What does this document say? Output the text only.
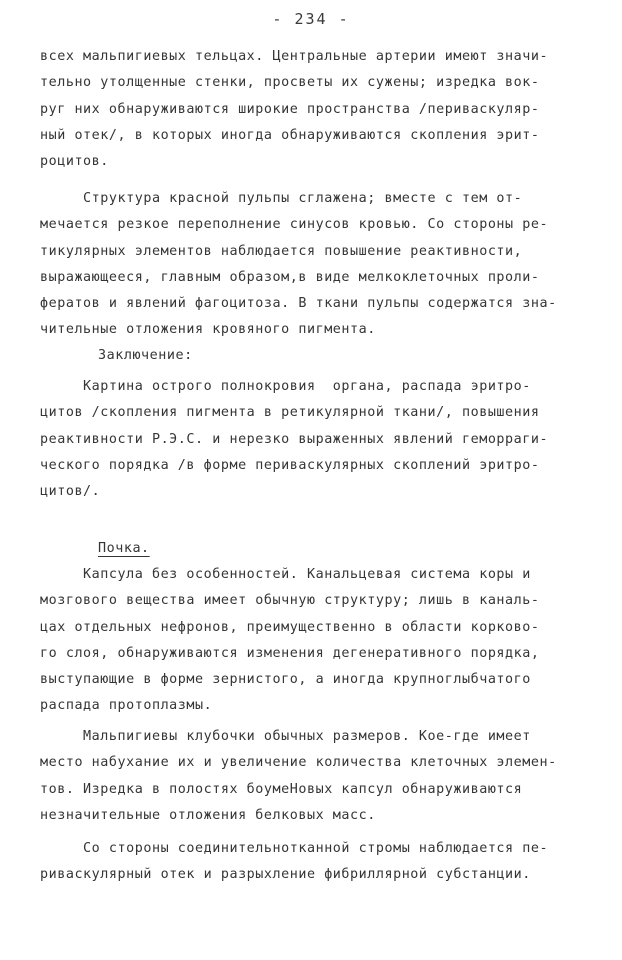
- 234 -
всех мальпигиевых тельцах. Центральные артерии имеют значи-
тельно утолщенные стенки, просветы их сужены; изредка вок-
руг них обнаруживаются широкие пространства /периваскуляр-
ный отек/, в которых иногда обнаруживаются скопления эрит-
роцитов.
Структура красной пульпы сглажена; вместе с тем от-
мечается резкое переполнение синусов кровью. Со стороны ре-
тикулярных элементов наблюдается повышение реактивности,
выражающееся, главным образом,в виде мелкоклеточных проли-
фератов и явлений фагоцитоза. В ткани пульпы содержатся зна-
чительные отложения кровяного пигмента.
Заключение:
Картина острого полнокровия  органа, распада эритро-
цитов /скопления пигмента в ретикулярной ткани/, повышения
реактивности Р.Э.С. и нерезко выраженных явлений геморраги-
ческого порядка /в форме периваскулярных скоплений эритро-
цитов/.
Почка.
Капсула без особенностей. Канальцевая система коры и
мозгового вещества имеет обычную структуру; лишь в каналь-
цах отдельных нефронов, преимущественно в области корково-
го слоя, обнаруживаются изменения дегенеративного порядка,
выступающие в форме зернистого, а иногда крупноглыбчатого
распада протоплазмы.
Мальпигиевы клубочки обычных размеров. Кое-где имеет
место набухание их и увеличение количества клеточных элемен-
тов. Изредка в полостях боумеНовых капсул обнаруживаются
незначительные отложения белковых масс.
Со стороны соединительнотканной стромы наблюдается пе-
риваскулярный отек и разрыхление фибриллярной субстанции.
